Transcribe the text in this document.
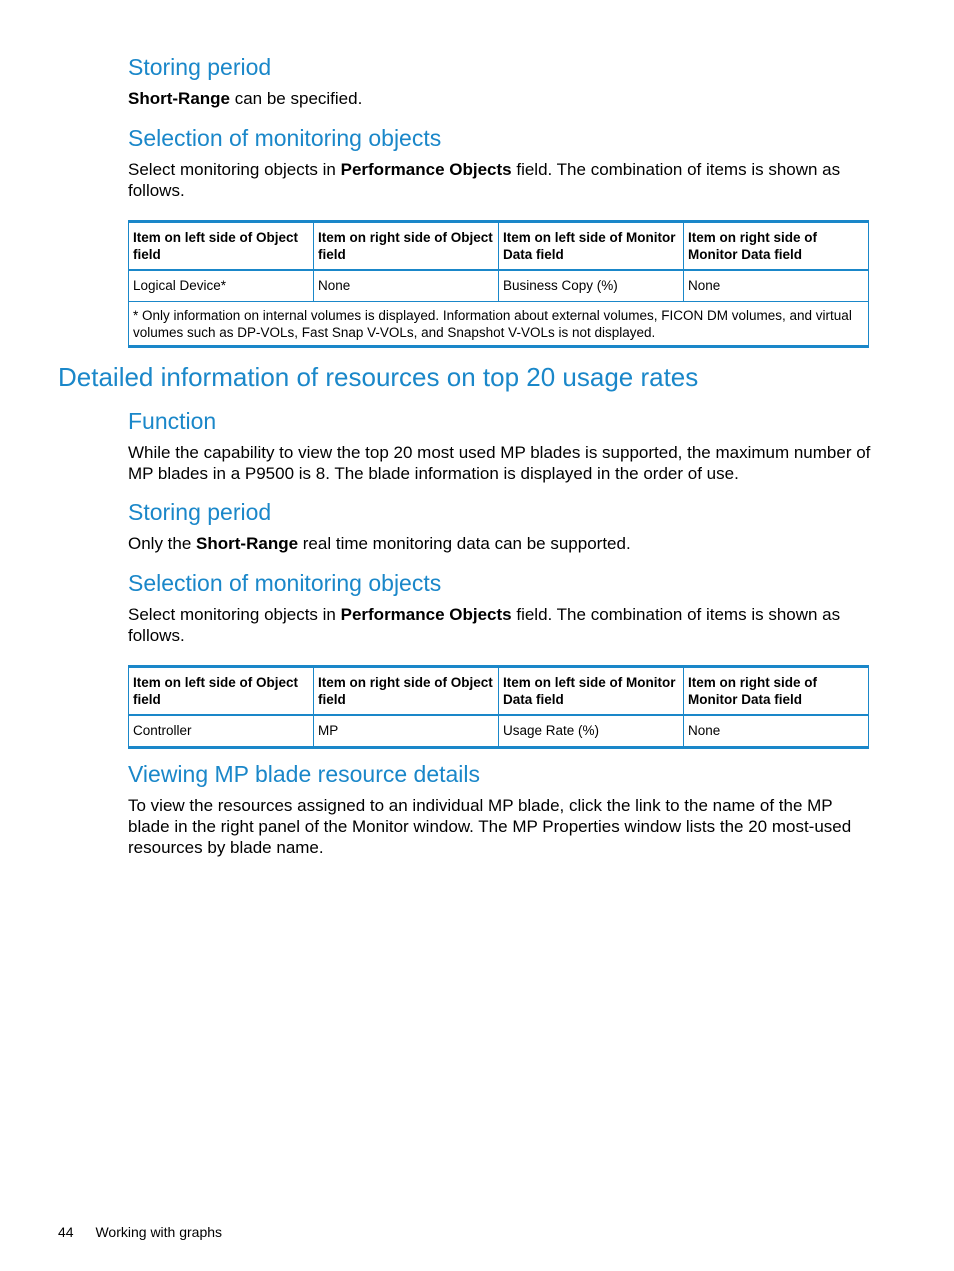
Storing period

Short-Range can be specified.

Selection of monitoring objects

Select monitoring objects in Performance Objects field. The combination of items is shown as follows.

Item on left side of Object field	Item on right side of Object field	Item on left side of Monitor Data field	Item on right side of Monitor Data field
Logical Device*	None	Business Copy (%)	None
* Only information on internal volumes is displayed. Information about external volumes, FICON DM volumes, and virtual volumes such as DP-VOLs, Fast Snap V-VOLs, and Snapshot V-VOLs is not displayed.			
Detailed information of resources on top 20 usage rates
Function

While the capability to view the top 20 most used MP blades is supported, the maximum number of MP blades in a P9500 is 8. The blade information is displayed in the order of use.

Storing period

Only the Short-Range real time monitoring data can be supported.

Selection of monitoring objects

Select monitoring objects in Performance Objects field. The combination of items is shown as follows.

Item on left side of Object field	Item on right side of Object field	Item on left side of Monitor Data field	Item on right side of Monitor Data field
Controller	MP	Usage Rate (%)	None
Viewing MP blade resource details

To view the resources assigned to an individual MP blade, click the link to the name of the MP blade in the right panel of the Monitor window. The MP Properties window lists the 20 most-used resources by blade name.

44 Working with graphs
